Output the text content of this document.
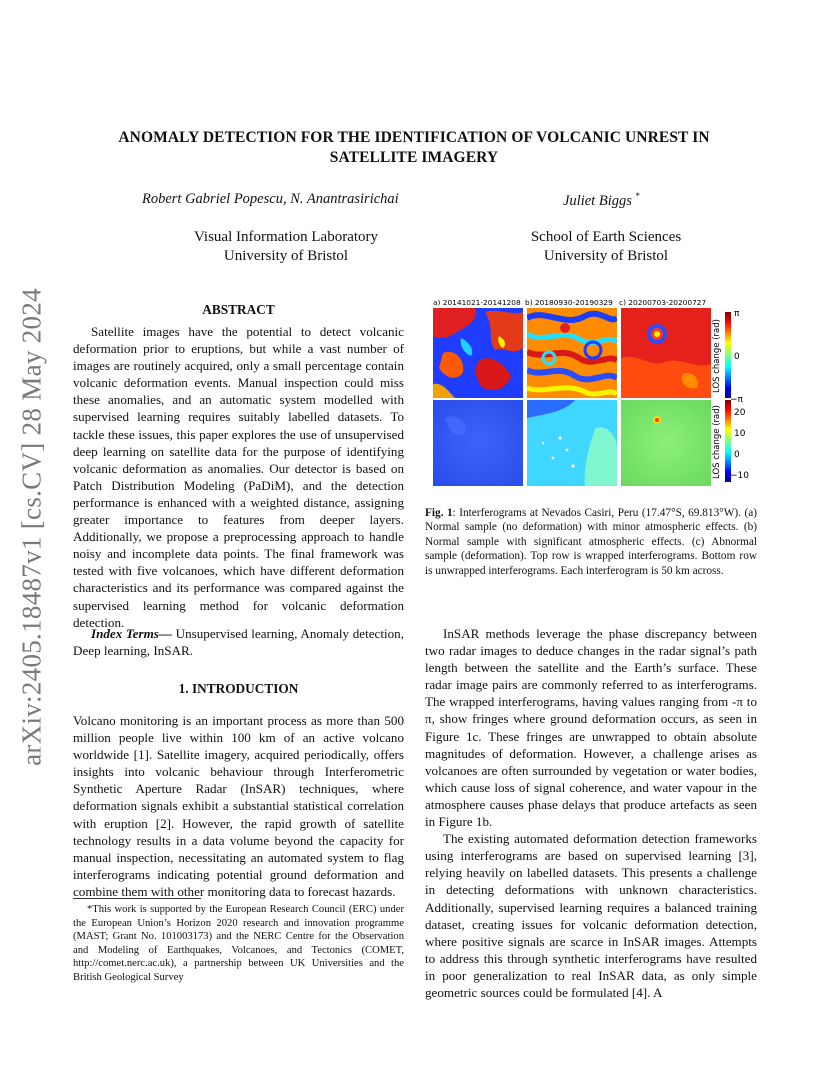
arXiv:2405.18487v1 [cs.CV] 28 May 2024
ANOMALY DETECTION FOR THE IDENTIFICATION OF VOLCANIC UNREST IN
SATELLITE IMAGERY
Robert Gabriel Popescu, N. Anantrasirichai	Juliet Biggs *
Visual Information Laboratory
University of Bristol
School of Earth Sciences
University of Bristol
ABSTRACT

Satellite images have the potential to detect volcanic deformation prior to eruptions, but while a vast number of images are routinely acquired, only a small percentage contain volcanic deformation events. Manual inspection could miss these anomalies, and an automatic system modelled with supervised learning requires suitably labelled datasets. To tackle these issues, this paper explores the use of unsupervised deep learning on satellite data for the purpose of identifying volcanic deformation as anomalies. Our detector is based on Patch Distribution Modeling (PaDiM), and the detection performance is enhanced with a weighted distance, assigning greater importance to features from deeper layers. Additionally, we propose a preprocessing approach to handle noisy and incomplete data points. The final framework was tested with five volcanoes, which have different deformation characteristics and its performance was compared against the supervised learning method for volcanic deformation detection.

Index Terms— Unsupervised learning, Anomaly detection, Deep learning, InSAR.

1. INTRODUCTION

Volcano monitoring is an important process as more than 500 million people live within 100 km of an active volcano worldwide [1]. Satellite imagery, acquired periodically, offers insights into volcanic behaviour through Interferometric Synthetic Aperture Radar (InSAR) techniques, where deformation signals exhibit a substantial statistical correlation with eruption [2]. However, the rapid growth of satellite technology results in a data volume beyond the capacity for manual inspection, necessitating an automated system to flag interferograms indicating potential ground deformation and combine them with other monitoring data to forecast hazards.

*This work is supported by the European Research Council (ERC) under the European Union’s Horizon 2020 research and innovation programme (MAST; Grant No. 101003173) and the NERC Centre for the Observation and Modeling of Earthquakes, Volcanoes, and Tectonics (COMET, http://comet.nerc.ac.uk), a partnership between UK Universities and the British Geological Survey

a) 20141021-20141208 b) 20180930-20190329 c) 20200703-20200727
π
0
−π
20
10
0
−10
LOS change (rad)
LOS change (rad)

Fig. 1: Interferograms at Nevados Casiri, Peru (17.47°S, 69.813°W). (a) Normal sample (no deformation) with minor atmospheric effects. (b) Normal sample with significant atmospheric effects. (c) Abnormal sample (deformation). Top row is wrapped interferograms. Bottom row is unwrapped interferograms. Each interferogram is 50 km across.

InSAR methods leverage the phase discrepancy between two radar images to deduce changes in the radar signal’s path length between the satellite and the Earth’s surface. These radar image pairs are commonly referred to as interferograms. The wrapped interferograms, having values ranging from -π to π, show fringes where ground deformation occurs, as seen in Figure 1c. These fringes are unwrapped to obtain absolute magnitudes of deformation. However, a challenge arises as volcanoes are often surrounded by vegetation or water bodies, which cause loss of signal coherence, and water vapour in the atmosphere causes phase delays that produce artefacts as seen in Figure 1b.

The existing automated deformation detection frameworks using interferograms are based on supervised learning [3], relying heavily on labelled datasets. This presents a challenge in detecting deformations with unknown characteristics. Additionally, supervised learning requires a balanced training dataset, creating issues for volcanic deformation detection, where positive signals are scarce in InSAR images. Attempts to address this through synthetic interferograms have resulted in poor generalization to real InSAR data, as only simple geometric sources could be formulated [4]. A
